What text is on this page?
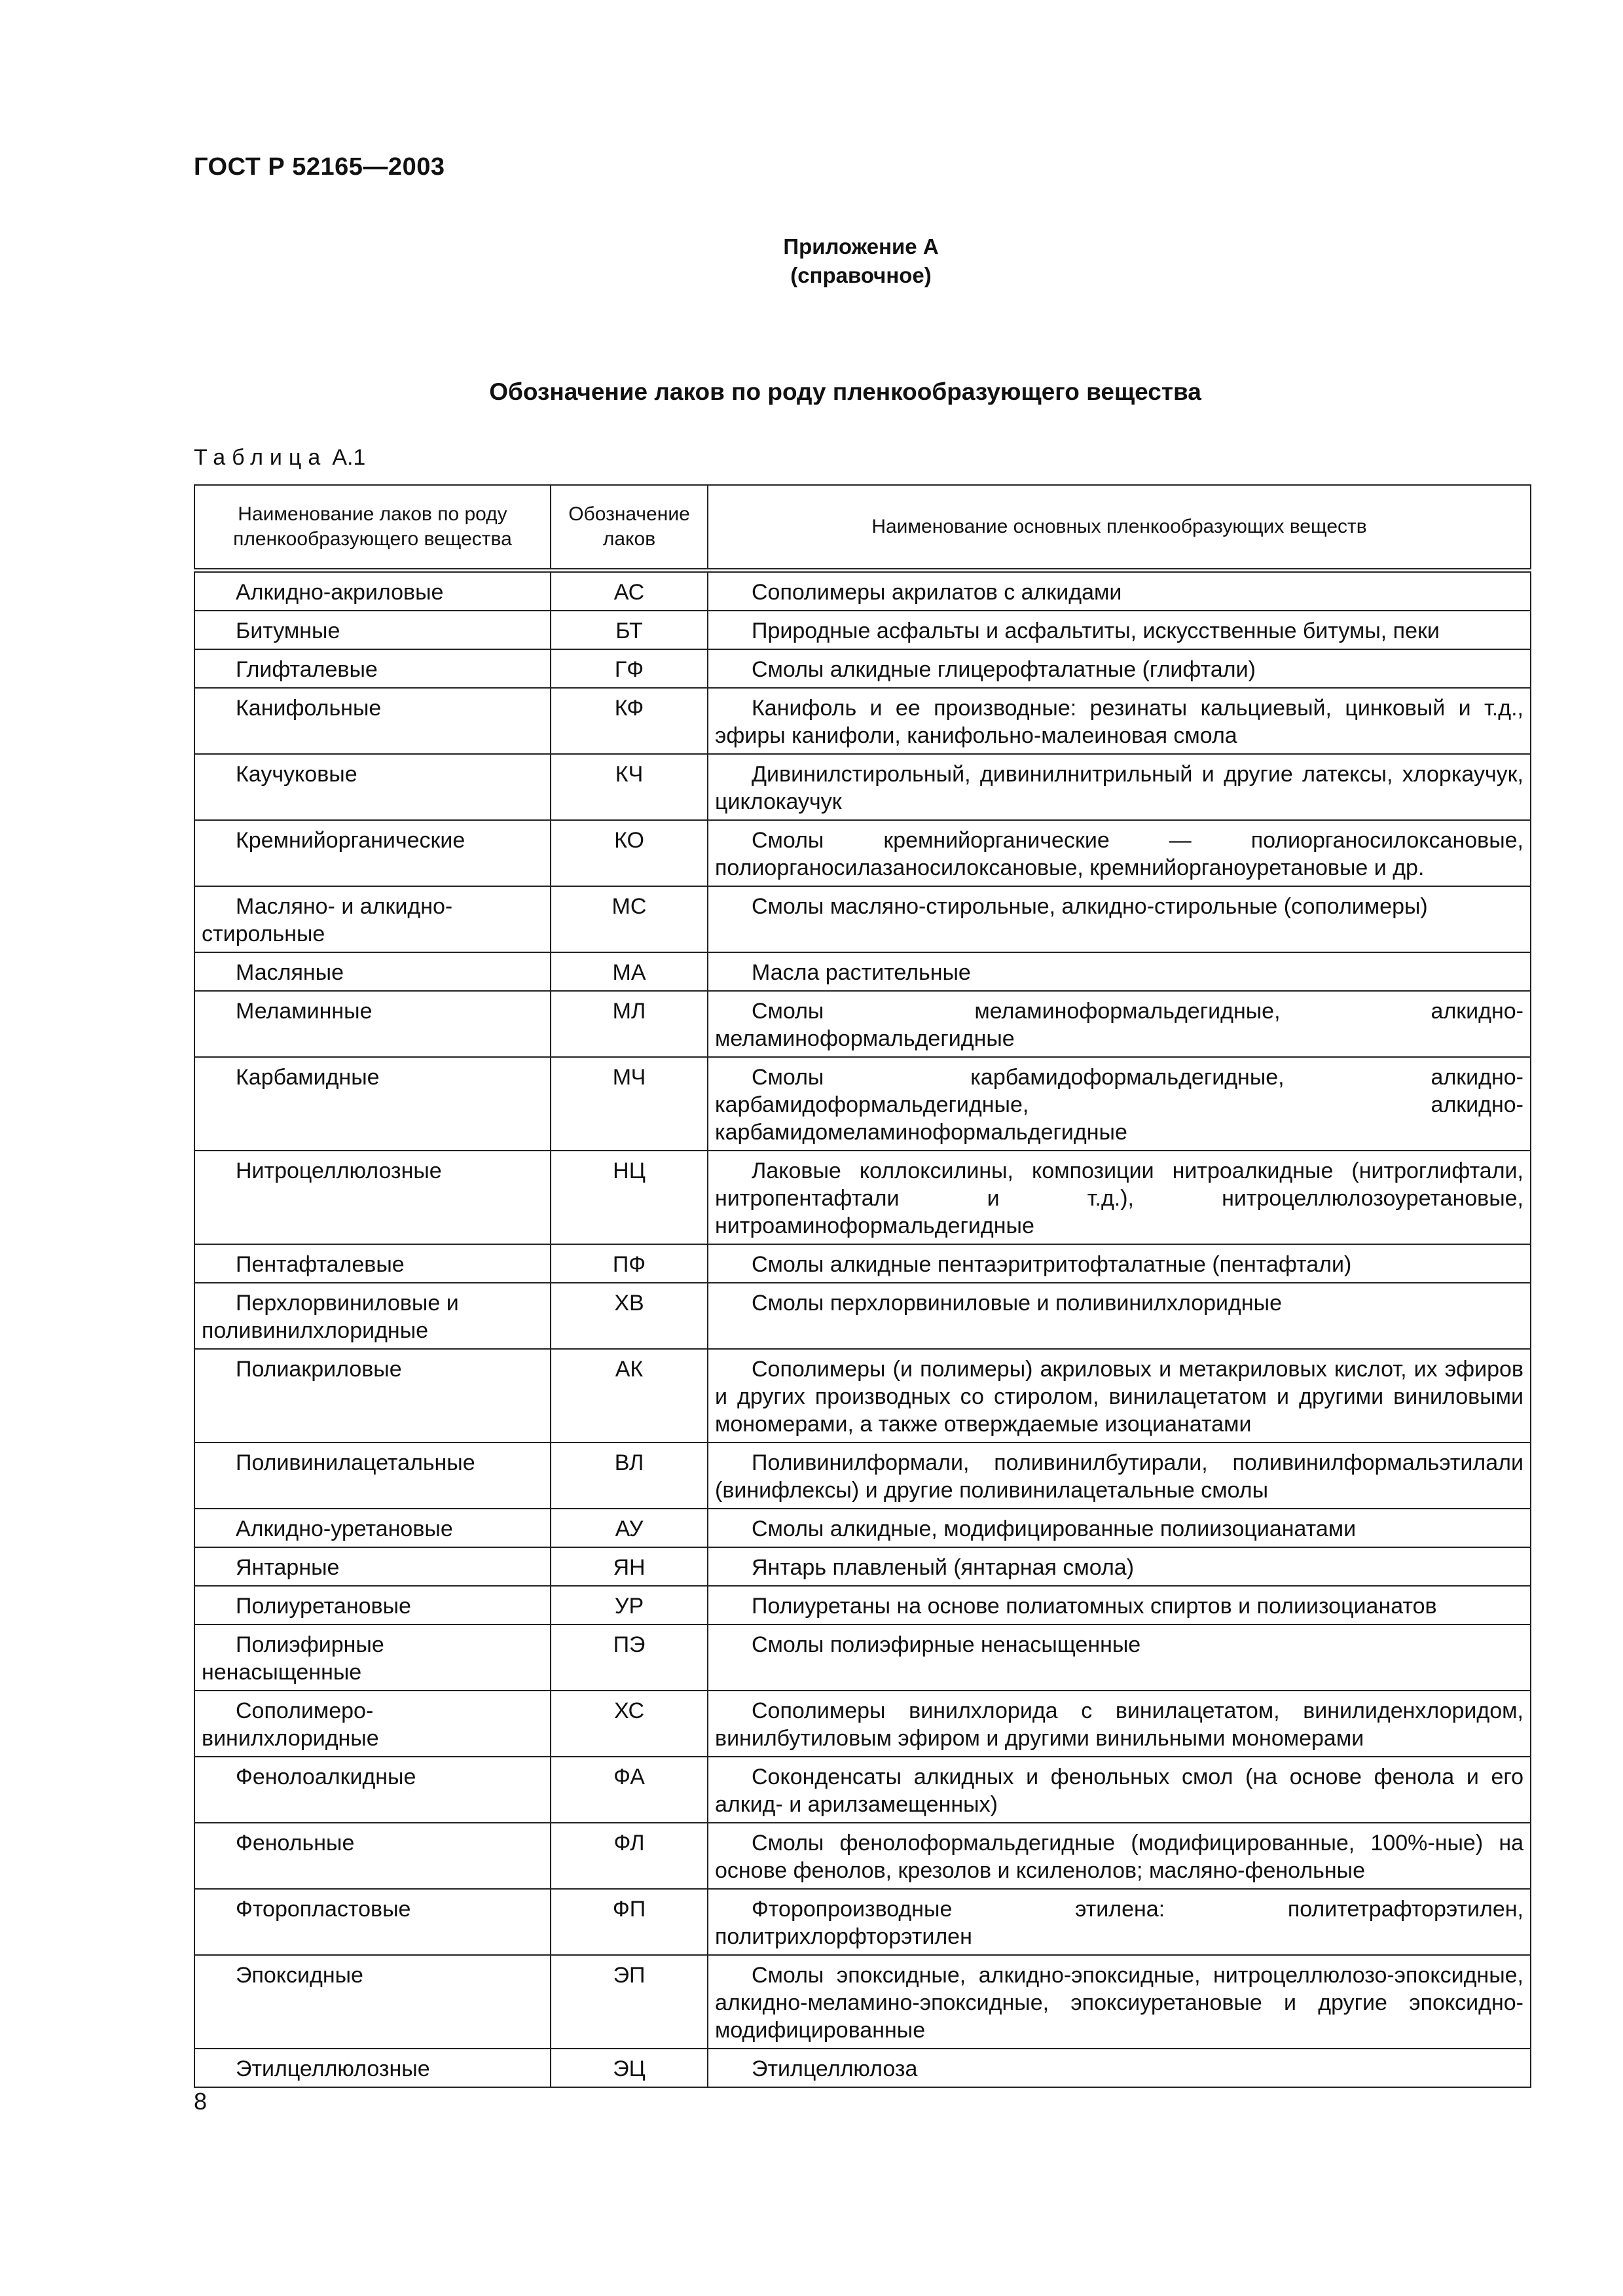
ГОСТ Р 52165—2003
Приложение А
(справочное)
Обозначение лаков по роду пленкообразующего вещества
Таблица А.1
Наименование лаков по роду пленкообразующего вещества	Обозначение лаков	Наименование основных пленкообразующих веществ
Алкидно-акриловые	АС	Сополимеры акрилатов с алкидами
Битумные	БТ	Природные асфальты и асфальтиты, искусственные битумы, пеки
Глифталевые	ГФ	Смолы алкидные глицерофталатные (глифтали)
Канифольные	КФ	Канифоль и ее производные: резинаты кальциевый, цинковый и т.д., эфиры канифоли, канифольно-малеиновая смола
Каучуковые	КЧ	Дивинилстирольный, дивинилнитрильный и другие латексы, хлоркаучук, циклокаучук
Кремнийорганические	КО	Смолы кремнийорганические — полиорганосилоксановые, полиорганосилазаносилоксановые, кремнийорганоуретановые и др.
Масляно- и алкидно-стирольные	МС	Смолы масляно-стирольные, алкидно-стирольные (сополимеры)
Масляные	МА	Масла растительные
Меламинные	МЛ	Смолы меламиноформальдегидные, алкидно-меламиноформальдегидные
Карбамидные	МЧ	Смолы карбамидоформальдегидные, алкидно-карбамидоформальдегидные, алкидно-карбамидомеламиноформальдегидные
Нитроцеллюлозные	НЦ	Лаковые коллоксилины, композиции нитроалкидные (нитроглифтали, нитропентафтали и т.д.), нитроцеллюлозоуретановые, нитроаминоформальдегидные
Пентафталевые	ПФ	Смолы алкидные пентаэритритофталатные (пентафтали)
Перхлорвиниловые и поливинилхлоридные	ХВ	Смолы перхлорвиниловые и поливинилхлоридные
Полиакриловые	АК	Сополимеры (и полимеры) акриловых и метакриловых кислот, их эфиров и других производных со стиролом, винилацетатом и другими виниловыми мономерами, а также отверждаемые изоцианатами
Поливинилацетальные	ВЛ	Поливинилформали, поливинилбутирали, поливинилформальэтилали (винифлексы) и другие поливинилацетальные смолы
Алкидно-уретановые	АУ	Смолы алкидные, модифицированные полиизоцианатами
Янтарные	ЯН	Янтарь плавленый (янтарная смола)
Полиуретановые	УР	Полиуретаны на основе полиатомных спиртов и полиизоцианатов
Полиэфирные ненасыщенные	ПЭ	Смолы полиэфирные ненасыщенные
Сополимеро-винилхлоридные	ХС	Сополимеры винилхлорида с винилацетатом, винилиденхлоридом, винилбутиловым эфиром и другими винильными мономерами
Фенолоалкидные	ФА	Соконденсаты алкидных и фенольных смол (на основе фенола и его алкид- и арилзамещенных)
Фенольные	ФЛ	Смолы фенолоформальдегидные (модифицированные, 100%-ные) на основе фенолов, крезолов и ксиленолов; масляно-фенольные
Фторопластовые	ФП	Фторопроизводные этилена: политетрафторэтилен, политрихлорфторэтилен
Эпоксидные	ЭП	Смолы эпоксидные, алкидно-эпоксидные, нитроцеллюлозо-эпоксидные, алкидно-меламино-эпоксидные, эпоксиуретановые и другие эпоксидно-модифицированные
Этилцеллюлозные	ЭЦ	Этилцеллюлоза
8
